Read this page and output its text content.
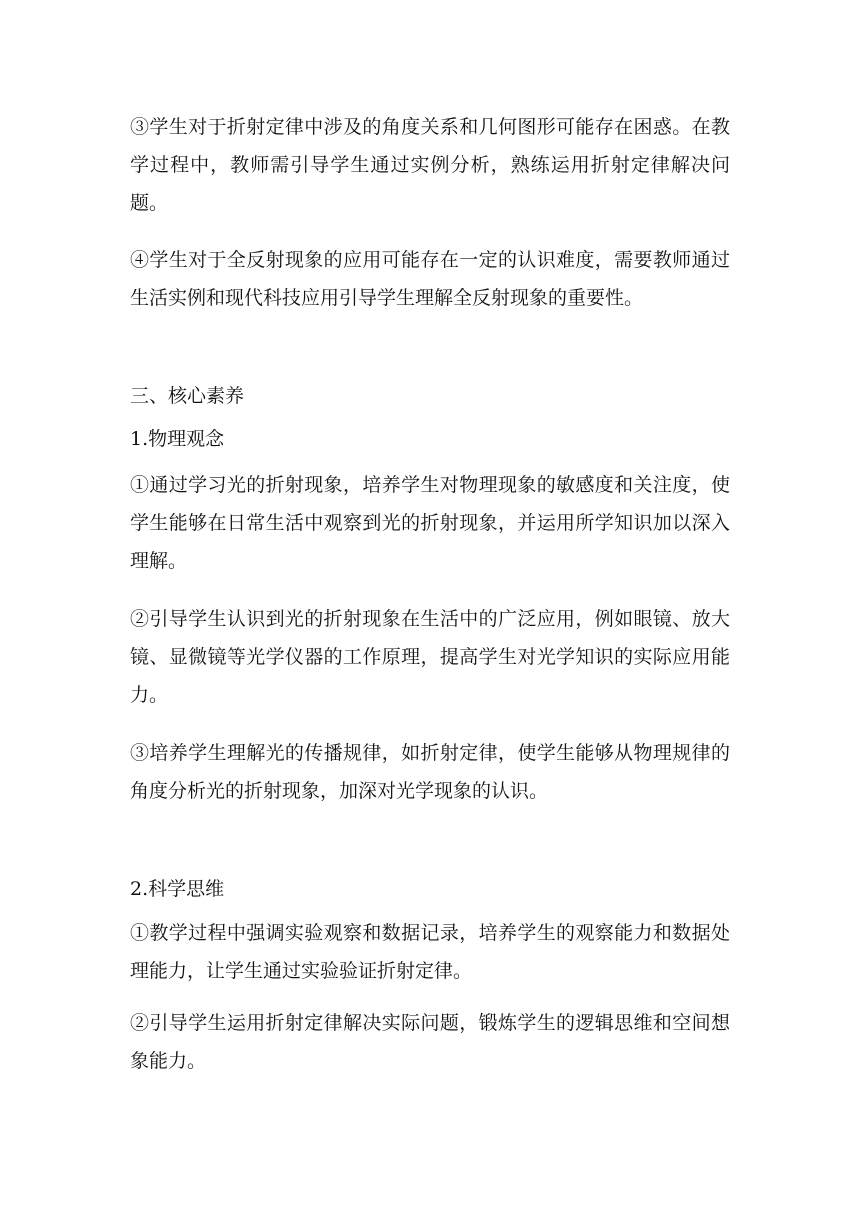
③学生对于折射定律中涉及的角度关系和几何图形可能存在困惑。在教学过程中，教师需引导学生通过实例分析，熟练运用折射定律解决问题。

④学生对于全反射现象的应用可能存在一定的认识难度，需要教师通过生活实例和现代科技应用引导学生理解全反射现象的重要性。

三、核心素养

1.物理观念

①通过学习光的折射现象，培养学生对物理现象的敏感度和关注度，使学生能够在日常生活中观察到光的折射现象，并运用所学知识加以深入理解。

②引导学生认识到光的折射现象在生活中的广泛应用，例如眼镜、放大镜、显微镜等光学仪器的工作原理，提高学生对光学知识的实际应用能力。

③培养学生理解光的传播规律，如折射定律，使学生能够从物理规律的角度分析光的折射现象，加深对光学现象的认识。

2.科学思维

①教学过程中强调实验观察和数据记录，培养学生的观察能力和数据处理能力，让学生通过实验验证折射定律。

②引导学生运用折射定律解决实际问题，锻炼学生的逻辑思维和空间想象能力。
